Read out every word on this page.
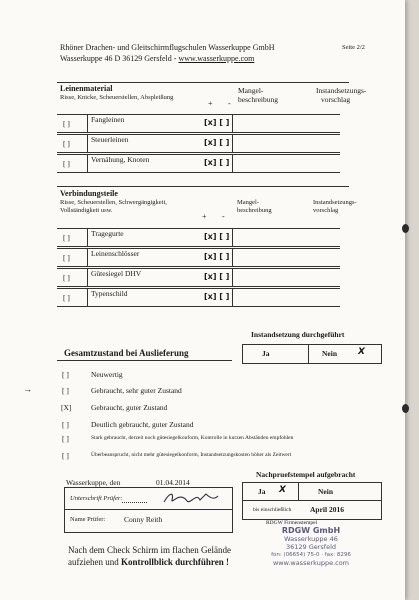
Rhöner Drachen- und Gleitschirmflugschulen Wasserkuppe GmbH	Seite 2/2
Wasserkuppe 46 D 36129 Gersfeld - www.wasserkuppe.com
Leinenmaterial
Risse, Knicke, Scheuerstellen, Abspleißung
Mangel-
beschreibung
Instandsetzungs-
vorschlag
+ -
[ ]	Fangleinen	[x] [ ]
[ ]	Steuerleinen	[x] [ ]
[ ]	Vernähung, Knoten	[x] [ ]
Verbindungsteile
Risse, Scheuerstellen, Schwergängigkeit,
Vollständigkeit usw.
Mangel-
beschreibung
Instandsetzungs-
vorschlag
+ -
[ ]	Tragegurte	[x] [ ]
[ ]	Leinenschlösser	[x] [ ]
[ ]	Gütesiegel DHV	[x] [ ]
[ ]	Typenschild	[x] [ ]
Instandsetzung durchgeführt
Ja	Nein X
Gesamtzustand bei Auslieferung
[ ]	Neuwertig
→	[ ]	Gebraucht, sehr guter Zustand
[X]	Gebraucht, guter Zustand
[ ]	Deutlich gebraucht, guter Zustand
[ ]	Stark gebraucht, derzeit noch gütesiegelkonform, Kontrolle in kurzen Abständen empfohlen
[ ]	Überbeansprucht, nicht mehr gütesiegelkonform, Instandsetzungskosten höher als Zeitwert
Wasserkuppe, den	01.04.2014
Unterschrift Prüfer:
Name Prüfer:	Conny Reith
Nachpruefstempel aufgebracht
Ja X	Nein
bis einschließlich April 2016
RDGW Firmenstempel
RDGW GmbH
Wasserkuppe 46
36129 Gersfeld
fon: (06654) 75-0 · fax: 8296
www.wasserkuppe.com
Nach dem Check Schirm im flachen Gelände
aufziehen und Kontrollblick durchführen !
